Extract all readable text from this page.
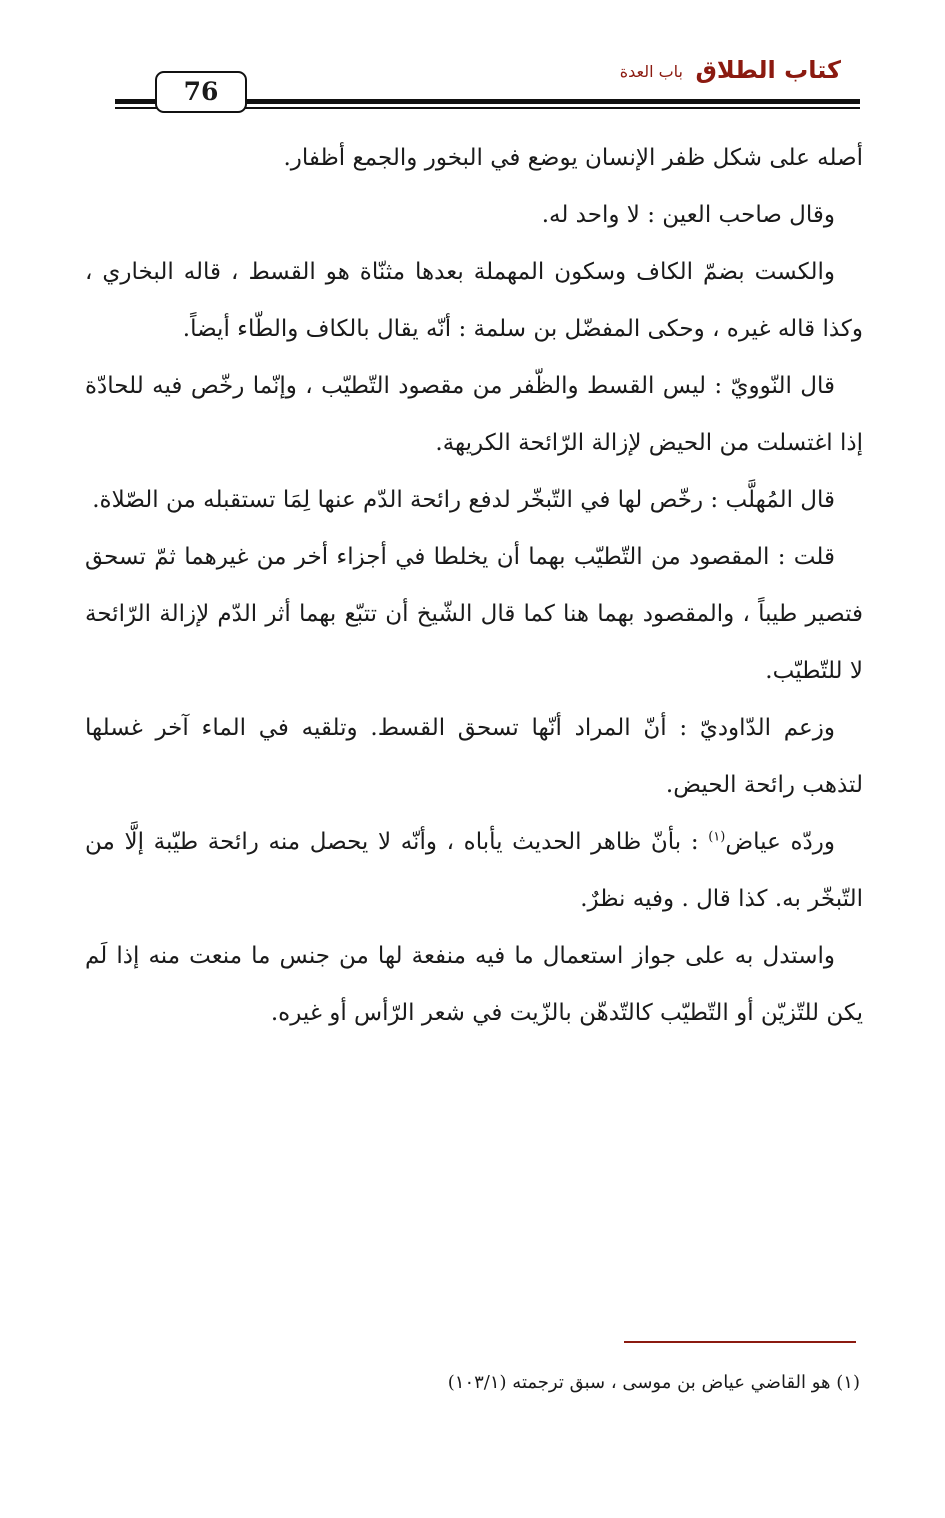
كتاب الطلاق
باب العدة
76

أصله على شكل ظفر الإنسان يوضع في البخور والجمع أظفار.

وقال صاحب العين : لا واحد له.

والكست بضمّ الكاف وسكون المهملة بعدها مثنّاة هو القسط ، قاله البخاري ، وكذا قاله غيره ، وحكى المفضّل بن سلمة : أنّه يقال بالكاف والطّاء أيضاً.

قال النّوويّ : ليس القسط والظّفر من مقصود التّطيّب ، وإنّما رخّص فيه للحادّة إذا اغتسلت من الحيض لإزالة الرّائحة الكريهة.

قال المُهلَّب : رخّص لها في التّبخّر لدفع رائحة الدّم عنها لِمَا تستقبله من الصّلاة.

قلت : المقصود من التّطيّب بهما أن يخلطا في أجزاء أخر من غيرهما ثمّ تسحق فتصير طيباً ، والمقصود بهما هنا كما قال الشّيخ أن تتبّع بهما أثر الدّم لإزالة الرّائحة لا للتّطيّب.

وزعم الدّاوديّ : أنّ المراد أنّها تسحق القسط. وتلقيه في الماء آخر غسلها لتذهب رائحة الحيض.

وردّه عياض$^{(١)}$ : بأنّ ظاهر الحديث يأباه ، وأنّه لا يحصل منه رائحة طيّبة إلَّا من التّبخّر به. كذا قال . وفيه نظرٌ.

واستدل به على جواز استعمال ما فيه منفعة لها من جنس ما منعت منه إذا لَم يكن للتّزيّن أو التّطيّب كالتّدهّن بالزّيت في شعر الرّأس أو غيره.

(١) هو القاضي عياض بن موسى ، سبق ترجمته (١٠٣/١)
